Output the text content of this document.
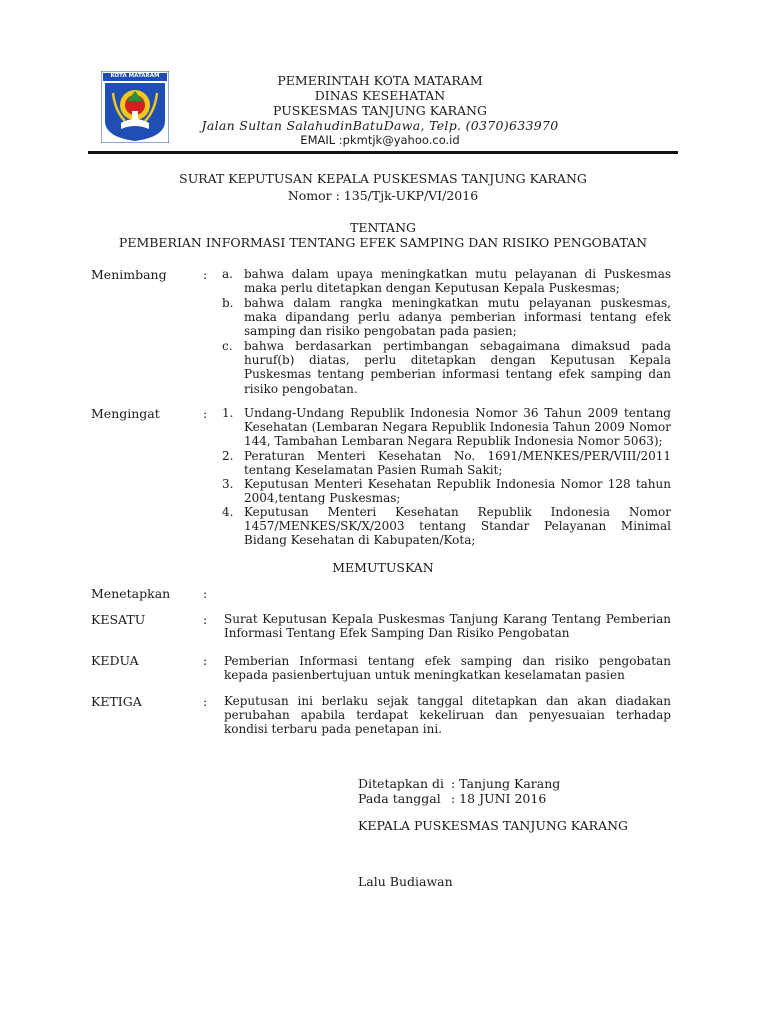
KOTA MATARAM	PEMERINTAH KOTA MATARAM
DINAS KESEHATAN
PUSKESMAS TANJUNG KARANG
Jalan Sultan SalahudinBatuDawa, Telp. (0370)633970
EMAIL :pkmtjk@yahoo.co.id
SURAT KEPUTUSAN KEPALA PUSKESMAS TANJUNG KARANG
Nomor : 135/Tjk-UKP/VI/2016
TENTANG
PEMBERIAN INFORMASI TENTANG EFEK SAMPING DAN RISIKO PENGOBATAN
Menimbang	: a. bahwa dalam upaya meningkatkan mutu pelayanan di Puskesmas maka perlu ditetapkan dengan Keputusan Kepala Puskesmas;
b. bahwa dalam rangka meningkatkan mutu pelayanan puskesmas, maka dipandang perlu adanya pemberian informasi tentang efek samping dan risiko pengobatan pada pasien;
c. bahwa berdasarkan pertimbangan sebagaimana dimaksud pada huruf(b) diatas, perlu ditetapkan dengan Keputusan Kepala Puskesmas tentang pemberian informasi tentang efek samping dan risiko pengobatan.
Mengingat	: 1. Undang-Undang Republik Indonesia Nomor 36 Tahun 2009 tentang Kesehatan (Lembaran Negara Republik Indonesia Tahun 2009 Nomor 144, Tambahan Lembaran Negara Republik Indonesia Nomor 5063);
2. Peraturan Menteri Kesehatan No. 1691/MENKES/PER/VIII/2011 tentang Keselamatan Pasien Rumah Sakit;
3. Keputusan Menteri Kesehatan Republik Indonesia Nomor 128 tahun 2004,tentang Puskesmas;
4. Keputusan Menteri Kesehatan Republik Indonesia Nomor 1457/MENKES/SK/X/2003 tentang Standar Pelayanan Minimal Bidang Kesehatan di Kabupaten/Kota;
MEMUTUSKAN
Menetapkan	:
KESATU	: Surat Keputusan Kepala Puskesmas Tanjung Karang Tentang Pemberian Informasi Tentang Efek Samping Dan Risiko Pengobatan
KEDUA	: Pemberian Informasi tentang efek samping dan risiko pengobatan kepada pasienbertujuan untuk meningkatkan keselamatan pasien
KETIGA	: Keputusan ini berlaku sejak tanggal ditetapkan dan akan diadakan perubahan apabila terdapat kekeliruan dan penyesuaian terhadap kondisi terbaru pada penetapan ini.
Ditetapkan di : Tanjung Karang
Pada tanggal : 18 JUNI 2016
KEPALA PUSKESMAS TANJUNG KARANG
Lalu Budiawan
